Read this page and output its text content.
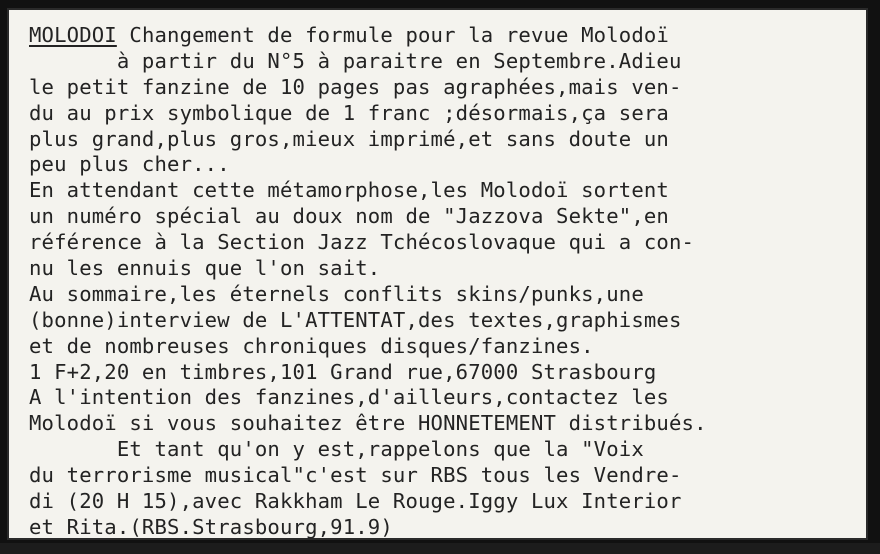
MOLODOI Changement de formule pour la revue Molodoï
à partir du N°5 à paraitre en Septembre.Adieu
le petit fanzine de 10 pages pas agraphées,mais ven-
du au prix symbolique de 1 franc ;désormais,ça sera
plus grand,plus gros,mieux imprimé,et sans doute un
peu plus cher...
En attendant cette métamorphose,les Molodoï sortent
un numéro spécial au doux nom de "Jazzova Sekte",en
référence à la Section Jazz Tchécoslovaque qui a con-
nu les ennuis que l'on sait.
Au sommaire,les éternels conflits skins/punks,une
(bonne)interview de L'ATTENTAT,des textes,graphismes
et de nombreuses chroniques disques/fanzines.
1 F+2,20 en timbres,101 Grand rue,67000 Strasbourg
A l'intention des fanzines,d'ailleurs,contactez les
Molodoï si vous souhaitez être HONNETEMENT distribués.
Et tant qu'on y est,rappelons que la "Voix
du terrorisme musical"c'est sur RBS tous les Vendre-
di (20 H 15),avec Rakkham Le Rouge.Iggy Lux Interior
et Rita.(RBS.Strasbourg,91.9)
